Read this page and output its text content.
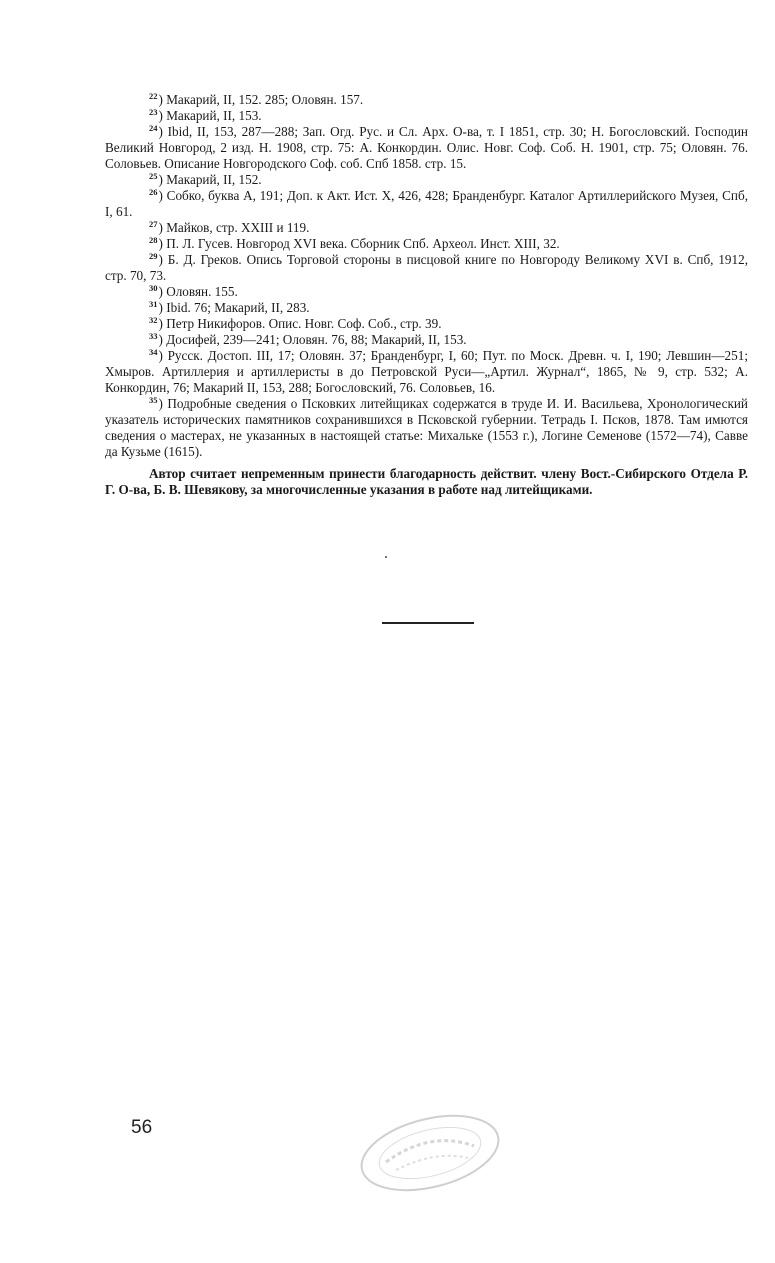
$^{22}$) Макарий, II, 152. 285; Оловян. 157.

$^{23}$) Макарий, II, 153.

$^{24}$) Ibid, II, 153, 287—288; Зап. Огд. Рус. и Сл. Арх. О-ва, т. I 1851, стр. 30; Н. Богословский. Господин Великий Новгород, 2 изд. Н. 1908, стр. 75: А. Конкордин. Олис. Новг. Соф. Соб. Н. 1901, стр. 75; Оловян. 76. Соловьев. Описание Новгородского Соф. соб. Спб 1858. стр. 15.

$^{25}$) Макарий, II, 152.

$^{26}$) Собко, буква А, 191; Доп. к Акт. Ист. Х, 426, 428; Бранденбург. Каталог Артиллерийского Музея, Спб, I, 61.

$^{27}$) Майков, стр. XXIII и 119.

$^{28}$) П. Л. Гусев. Новгород XVI века. Сборник Спб. Археол. Инст. XIII, 32.

$^{29}$) Б. Д. Греков. Опись Торговой стороны в писцовой книге по Новгороду Великому XVI в. Спб, 1912, стр. 70, 73.

$^{30}$) Оловян. 155.

$^{31}$) Ibid. 76; Макарий, II, 283.

$^{32}$) Петр Никифоров. Опис. Новг. Соф. Соб., стр. 39.

$^{33}$) Досифей, 239—241; Оловян. 76, 88; Макарий, II, 153.

$^{34}$) Русск. Достоп. III, 17; Оловян. 37; Бранденбург, I, 60; Пут. по Моск. Древн. ч. I, 190; Левшин—251; Хмыров. Артиллерия и артиллеристы в до Петровской Руси—„Артил. Журнал“, 1865, № 9, стр. 532; А. Конкордин, 76; Макарий II, 153, 288; Богословский, 76. Соловьев, 16.

$^{35}$) Подробные сведения о Псковких литейщиках содержатся в труде И. И. Васильева, Хронологический указатель исторических памятников сохранившихся в Псковской губернии. Тетрадь I. Псков, 1878. Там имются сведения о мастерах, не указанных в настоящей статье: Михальке (1553 г.), Логине Семенове (1572—74), Савве да Кузьме (1615).

Автор считает непременным принести благодарность действит. члену Вост.-Сибирского Отдела Р. Г. О-ва, Б. В. Шевякову, за многочисленные указания в работе над литейщиками.

56
